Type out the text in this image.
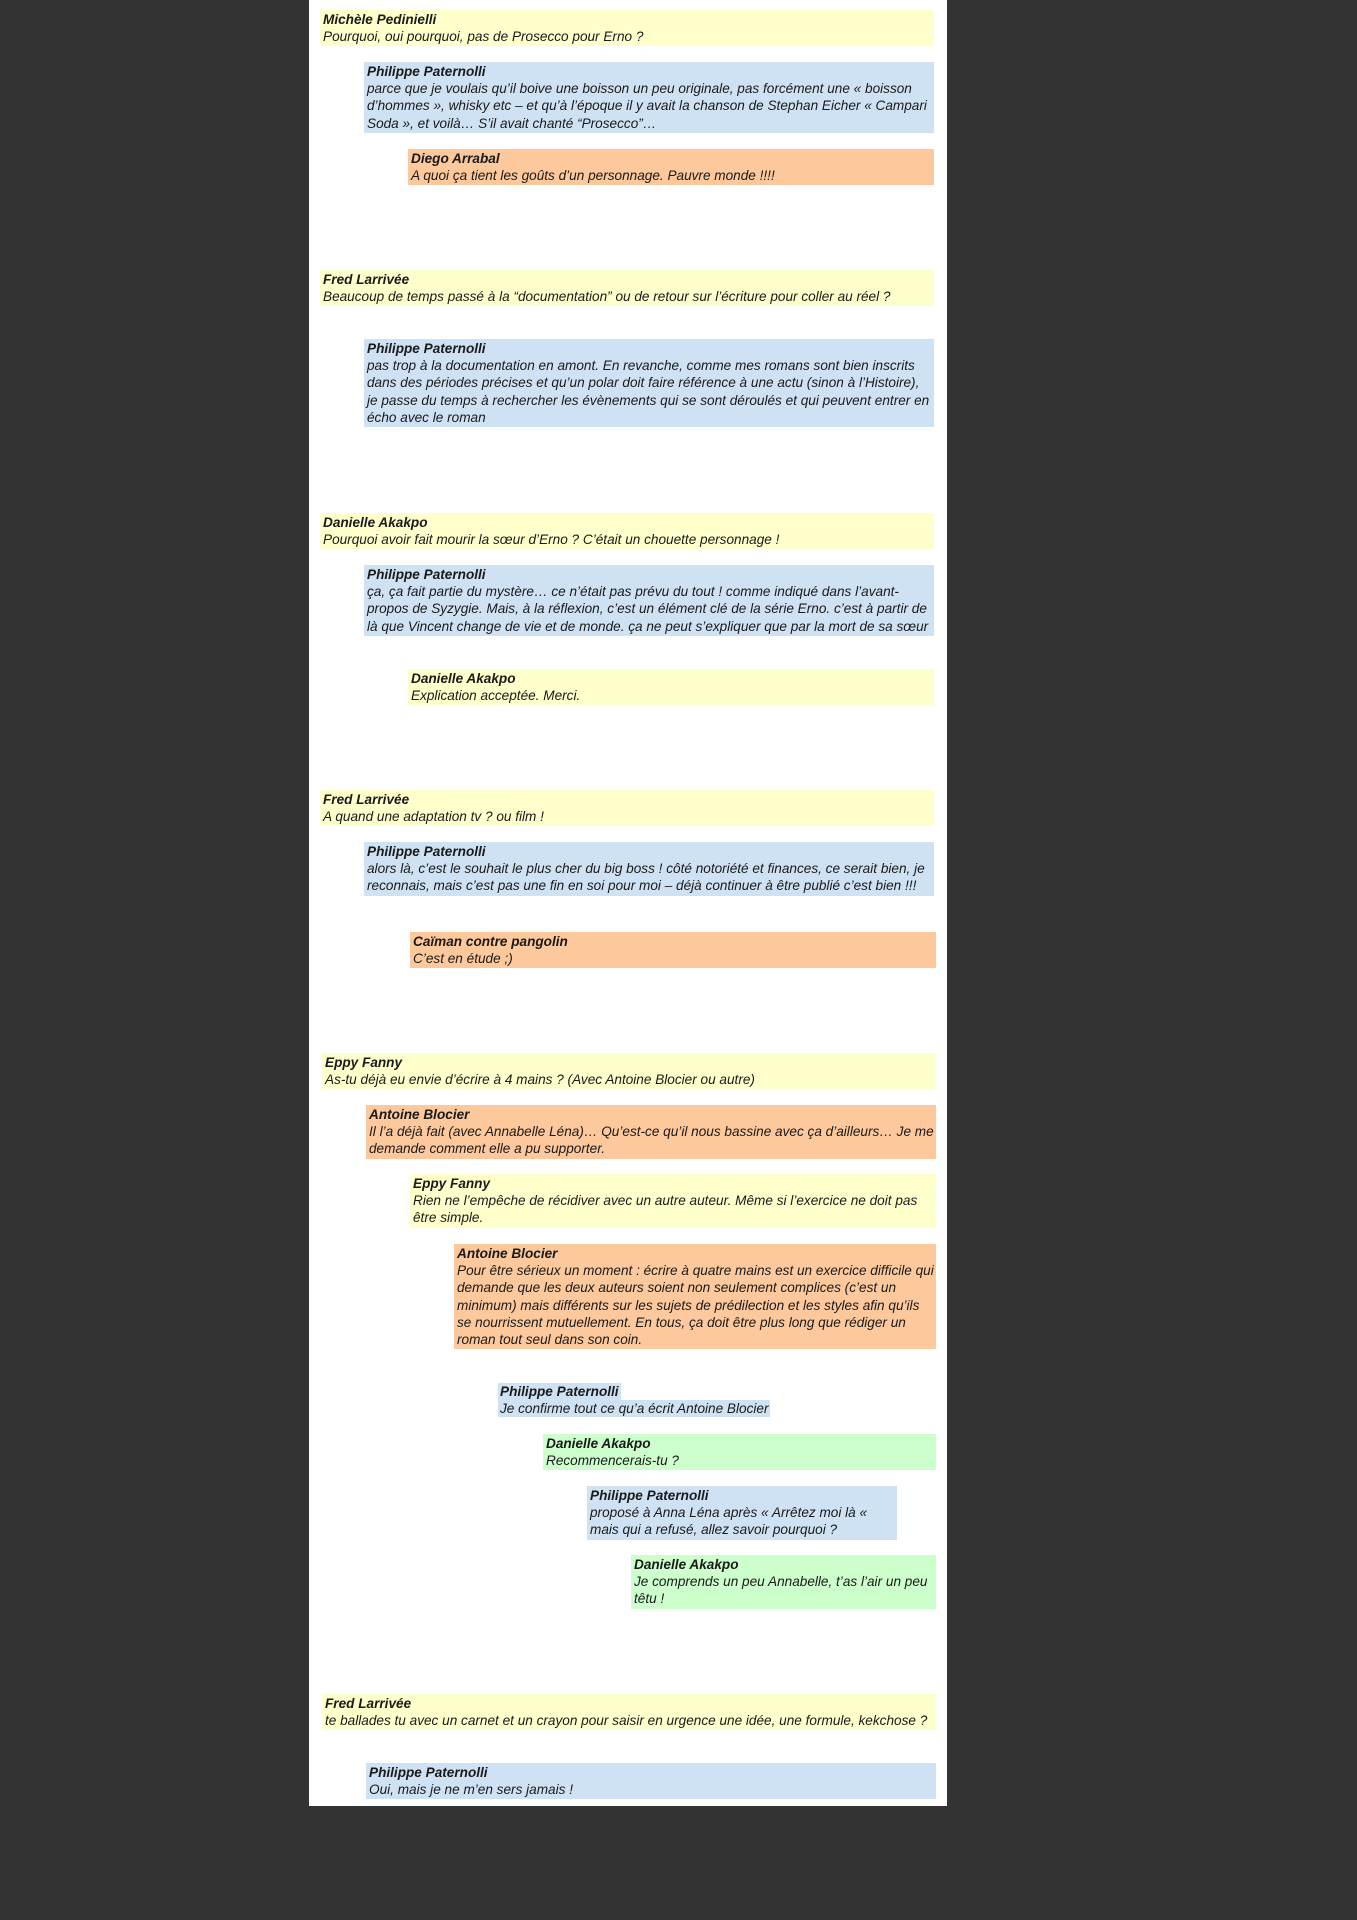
Michèle Pedinielli
Pourquoi, oui pourquoi, pas de Prosecco pour Erno ?
Philippe Paternolli
parce que je voulais qu’il boive une boisson un peu originale, pas forcément une « boisson d’hommes », whisky etc – et qu’à l’époque il y avait la chanson de Stephan Eicher « Campari Soda », et voilà… S’il avait chanté “Prosecco”…
Diego Arrabal
A quoi ça tient les goûts d’un personnage. Pauvre monde !!!!
Fred Larrivée
Beaucoup de temps passé à la “documentation” ou de retour sur l’écriture pour coller au réel ?
Philippe Paternolli
pas trop à la documentation en amont. En revanche, comme mes romans sont bien inscrits dans des périodes précises et qu’un polar doit faire référence à une actu (sinon à l’Histoire), je passe du temps à rechercher les évènements qui se sont déroulés et qui peuvent entrer en écho avec le roman
Danielle Akakpo
Pourquoi avoir fait mourir la sœur d’Erno ? C’était un chouette personnage !
Philippe Paternolli
ça, ça fait partie du mystère… ce n’était pas prévu du tout ! comme indiqué dans l’avant-propos de Syzygie. Mais, à la réflexion, c’est un élément clé de la série Erno. c’est à partir de là que Vincent change de vie et de monde. ça ne peut s’expliquer que par la mort de sa sœur
Danielle Akakpo
Explication acceptée. Merci.
Fred Larrivée
A quand une adaptation tv ? ou film !
Philippe Paternolli
alors là, c’est le souhait le plus cher du big boss ! côté notoriété et finances, ce serait bien, je reconnais, mais c’est pas une fin en soi pour moi – déjà continuer à être publié c’est bien !!!
Caïman contre pangolin
C’est en étude ;)
Eppy Fanny
As-tu déjà eu envie d’écrire à 4 mains ? (Avec Antoine Blocier ou autre)
Antoine Blocier
Il l’a déjà fait (avec Annabelle Léna)… Qu’est-ce qu’il nous bassine avec ça d’ailleurs… Je me demande comment elle a pu supporter.
Eppy Fanny
Rien ne l’empêche de récidiver avec un autre auteur. Même si l’exercice ne doit pas être simple.
Antoine Blocier
Pour être sérieux un moment : écrire à quatre mains est un exercice difficile qui demande que les deux auteurs soient non seulement complices (c’est un minimum) mais différents sur les sujets de prédilection et les styles afin qu’ils se nourrissent mutuellement. En tous, ça doit être plus long que rédiger un roman tout seul dans son coin.
Philippe Paternolli
Je confirme tout ce qu’a écrit Antoine Blocier
Danielle Akakpo
Recommencerais-tu ?
Philippe Paternolli
proposé à Anna Léna après « Arrêtez moi là « mais qui a refusé, allez savoir pourquoi ?
Danielle Akakpo
Je comprends un peu Annabelle, t’as l’air un peu têtu !
Fred Larrivée
te ballades tu avec un carnet et un crayon pour saisir en urgence une idée, une formule, kekchose ?
Philippe Paternolli
Oui, mais je ne m’en sers jamais !
